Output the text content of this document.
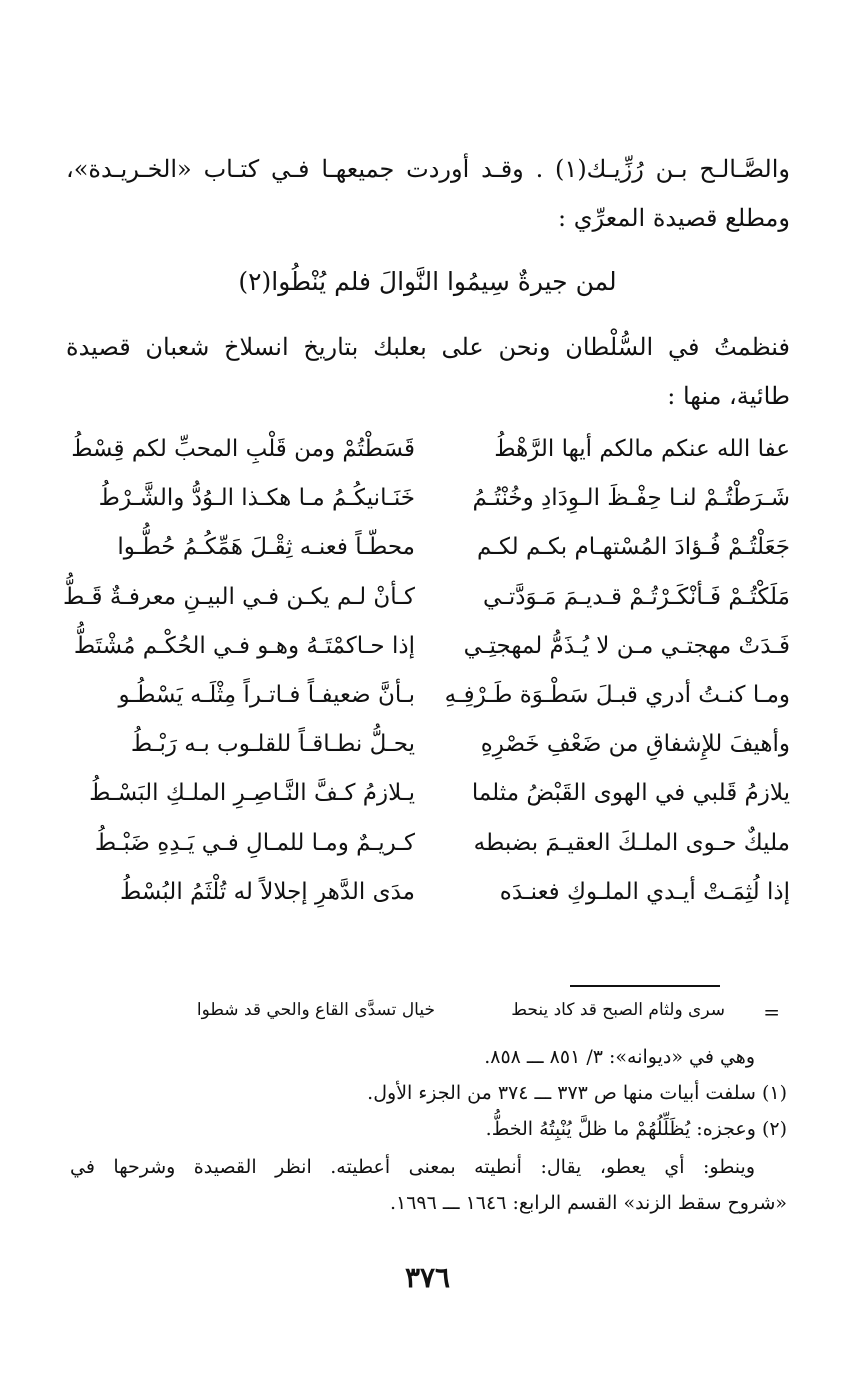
والصَّـالـح بـن رُزِّيـك(١) . وقـد أوردت جميعهـا فـي كتـاب «الخـريـدة»،
ومطلع قصيدة المعرِّي :
لمن جيرةٌ سِيمُوا النَّوالَ فلم يُنْطُوا(٢)
فنظمتُ في السُّلْطان ونحن على بعلبك بتاريخ انسلاخ شعبان قصيدة
طائية، منها :
عفا الله عنكم مالكم أيها الرَّهْطُ
شَـرَطْتُـمْ لنـا حِفْـظَ الـوِدَادِ وخُنْتُـمُ
جَعَلْتُـمْ فُـؤادَ المُسْتهـام بكـم لكـم
مَلَكْتُـمْ فَـأنْكَـرْتُـمْ قـديـمَ مَـوَدَّتـي
فَـدَتْ مهجتـي مـن لا يُـذَمُّ لمهجتِـي
ومـا كنـتُ أدري قبـلَ سَطْـوَة طَـرْفِـهِ
وأهيفَ للإِشفاقِ من ضَعْفِ خَصْرِهِ
يلازمُ قَلبي في الهوى القَبْضُ مثلما
مليكٌ حـوى الملـكَ العقيـمَ بضبطه
إذا لُثِمَـتْ أيـدي الملـوكِ فعنـدَه
قَسَطْتُمْ ومن قَلْبِ المحبِّ لكم قِسْطُ
خَنَـانيكُـمُ مـا هكـذا الـوُدُّ والشَّـرْطُ
محطّـاً فعنـه ثِقْـلَ هَمِّكُـمُ حُطُّـوا
كـأنْ لـم يكـن فـي البيـنِ معرفـةٌ قَـطُّ
إذا حـاكمْتَـهُ وهـو فـي الحُكْـم مُشْتَطُّ
بـأنَّ ضعيفـاً فـاتـراً مِثْلَـه يَسْطُـو
يحـلُّ نطـاقـاً للقلـوب بـه رَبْـطُ
يـلازمُ كـفَّ النَّـاصِـرِ الملـكِ البَسْـطُ
كـريـمٌ ومـا للمـالِ فـي يَـدِهِ ضَبْـطُ
مدَى الدَّهرِ إجلالاً له تُلْثَمُ البُسْطُ
=
سرى ولثام الصبح قد كاد ينحط
خيال تسدَّى القاع والحي قد شطوا
وهي في «ديوانه»: ٣/ ٨٥١ ـــ ٨٥٨.
(١) سلفت أبيات منها ص ٣٧٣ ـــ ٣٧٤ من الجزء الأول.
(٢) وعجزه: يُظَلِّلُهُمْ ما ظلَّ يُنْبِتُهُ الخطُّ.
وينطو: أي يعطو، يقال: أنطيته بمعنى أعطيته. انظر القصيدة وشرحها في
«شروح سقط الزند» القسم الرابع: ١٦٤٦ ـــ ١٦٩٦.
٣٧٦
